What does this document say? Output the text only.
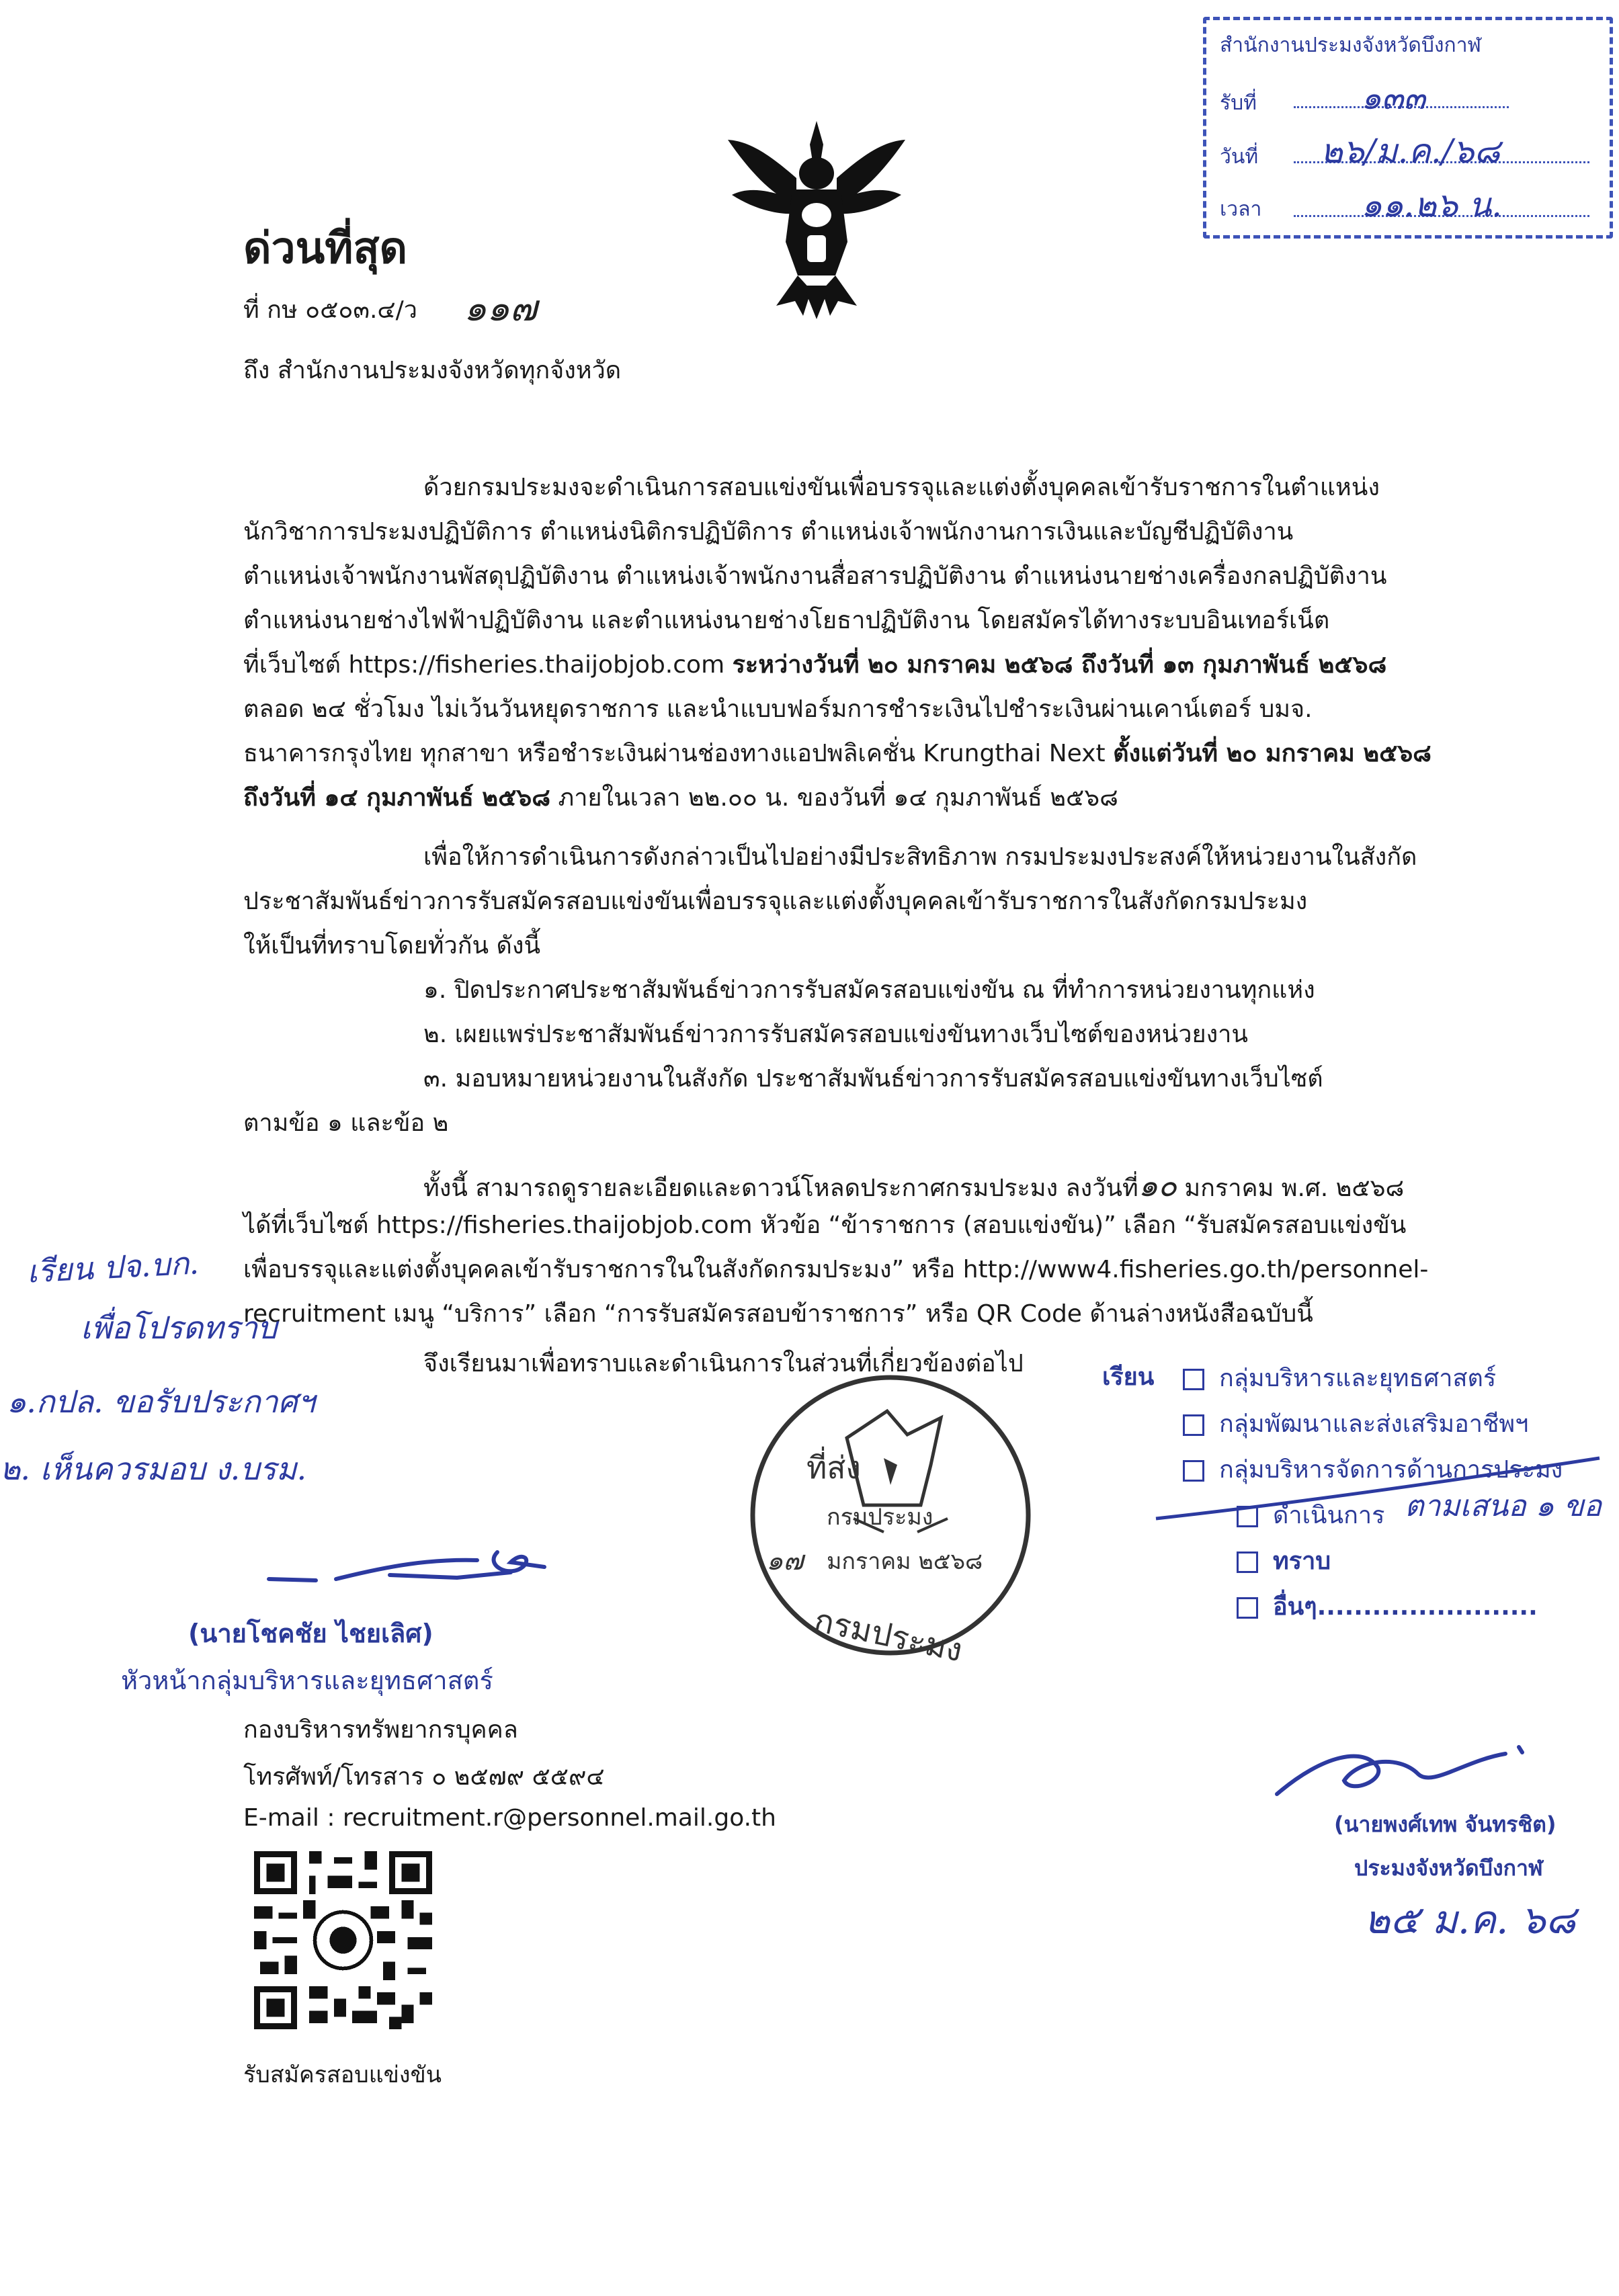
สำนักงานประมงจังหวัดบึงกาฬ
รับที่	๑๓๓
วันที่ ๒๖/ม.ค./๖๘
เวลา	๑๑.๒๖ น.
ด่วนที่สุด
ที่ กษ ๐๕๐๓.๔/ว ๑๑๗
ถึง สำนักงานประมงจังหวัดทุกจังหวัด
ด้วยกรมประมงจะดำเนินการสอบแข่งขันเพื่อบรรจุและแต่งตั้งบุคคลเข้ารับราชการในตำแหน่ง
นักวิชาการประมงปฏิบัติการ ตำแหน่งนิติกรปฏิบัติการ ตำแหน่งเจ้าพนักงานการเงินและบัญชีปฏิบัติงาน
ตำแหน่งเจ้าพนักงานพัสดุปฏิบัติงาน ตำแหน่งเจ้าพนักงานสื่อสารปฏิบัติงาน ตำแหน่งนายช่างเครื่องกลปฏิบัติงาน
ตำแหน่งนายช่างไฟฟ้าปฏิบัติงาน และตำแหน่งนายช่างโยธาปฏิบัติงาน โดยสมัครได้ทางระบบอินเทอร์เน็ต
ที่เว็บไซต์ https://fisheries.thaijobjob.com ระหว่างวันที่ ๒๐ มกราคม ๒๕๖๘ ถึงวันที่ ๑๓ กุมภาพันธ์ ๒๕๖๘
ตลอด ๒๔ ชั่วโมง ไม่เว้นวันหยุดราชการ และนำแบบฟอร์มการชำระเงินไปชำระเงินผ่านเคาน์เตอร์ บมจ.
ธนาคารกรุงไทย ทุกสาขา หรือชำระเงินผ่านช่องทางแอปพลิเคชั่น Krungthai Next ตั้งแต่วันที่ ๒๐ มกราคม ๒๕๖๘
ถึงวันที่ ๑๔ กุมภาพันธ์ ๒๕๖๘ ภายในเวลา ๒๒.๐๐ น. ของวันที่ ๑๔ กุมภาพันธ์ ๒๕๖๘
เพื่อให้การดำเนินการดังกล่าวเป็นไปอย่างมีประสิทธิภาพ กรมประมงประสงค์ให้หน่วยงานในสังกัด
ประชาสัมพันธ์ข่าวการรับสมัครสอบแข่งขันเพื่อบรรจุและแต่งตั้งบุคคลเข้ารับราชการในสังกัดกรมประมง
ให้เป็นที่ทราบโดยทั่วกัน ดังนี้
๑. ปิดประกาศประชาสัมพันธ์ข่าวการรับสมัครสอบแข่งขัน ณ ที่ทำการหน่วยงานทุกแห่ง
๒. เผยแพร่ประชาสัมพันธ์ข่าวการรับสมัครสอบแข่งขันทางเว็บไซต์ของหน่วยงาน
๓. มอบหมายหน่วยงานในสังกัด ประชาสัมพันธ์ข่าวการรับสมัครสอบแข่งขันทางเว็บไซต์
ตามข้อ ๑ และข้อ ๒
ทั้งนี้ สามารถดูรายละเอียดและดาวน์โหลดประกาศกรมประมง ลงวันที่๑๐ มกราคม พ.ศ. ๒๕๖๘
ได้ที่เว็บไซต์ https://fisheries.thaijobjob.com หัวข้อ “ข้าราชการ (สอบแข่งขัน)” เลือก “รับสมัครสอบแข่งขัน
เพื่อบรรจุและแต่งตั้งบุคคลเข้ารับราชการในในสังกัดกรมประมง” หรือ http://www4.fisheries.go.th/personnel-
recruitment เมนู “บริการ” เลือก “การรับสมัครสอบข้าราชการ” หรือ QR Code ด้านล่างหนังสือฉบับนี้
จึงเรียนมาเพื่อทราบและดำเนินการในส่วนที่เกี่ยวข้องต่อไป
เรียน ปจ.บก.
เพื่อโปรดทราบ
๑.กปล. ขอรับประกาศฯ
๒. เห็นควรมอบ ง.บรม.
(นายโชคชัย ไชยเลิศ)
หัวหน้ากลุ่มบริหารและยุทธศาสตร์
กองบริหารทรัพยากรบุคคล
โทรศัพท์/โทรสาร ๐ ๒๕๗๙ ๕๕๙๔
E-mail : recruitment.r@personnel.mail.go.th
รับสมัครสอบแข่งขัน
ที่ส่ง
กรมประมง
๑๗ มกราคม ๒๕๖๘
กรมประมง
เรียน	กลุ่มบริหารและยุทธศาสตร์
กลุ่มพัฒนาและส่งเสริมอาชีพฯ
กลุ่มบริหารจัดการด้านการประมง
ดำเนินการ ตามเสนอ ๑ ขอ
ทราบ
อื่นๆ........................
(นายพงศ์เทพ จันทรชิต)
ประมงจังหวัดบึงกาฬ
๒๕ ม.ค. ๖๘
